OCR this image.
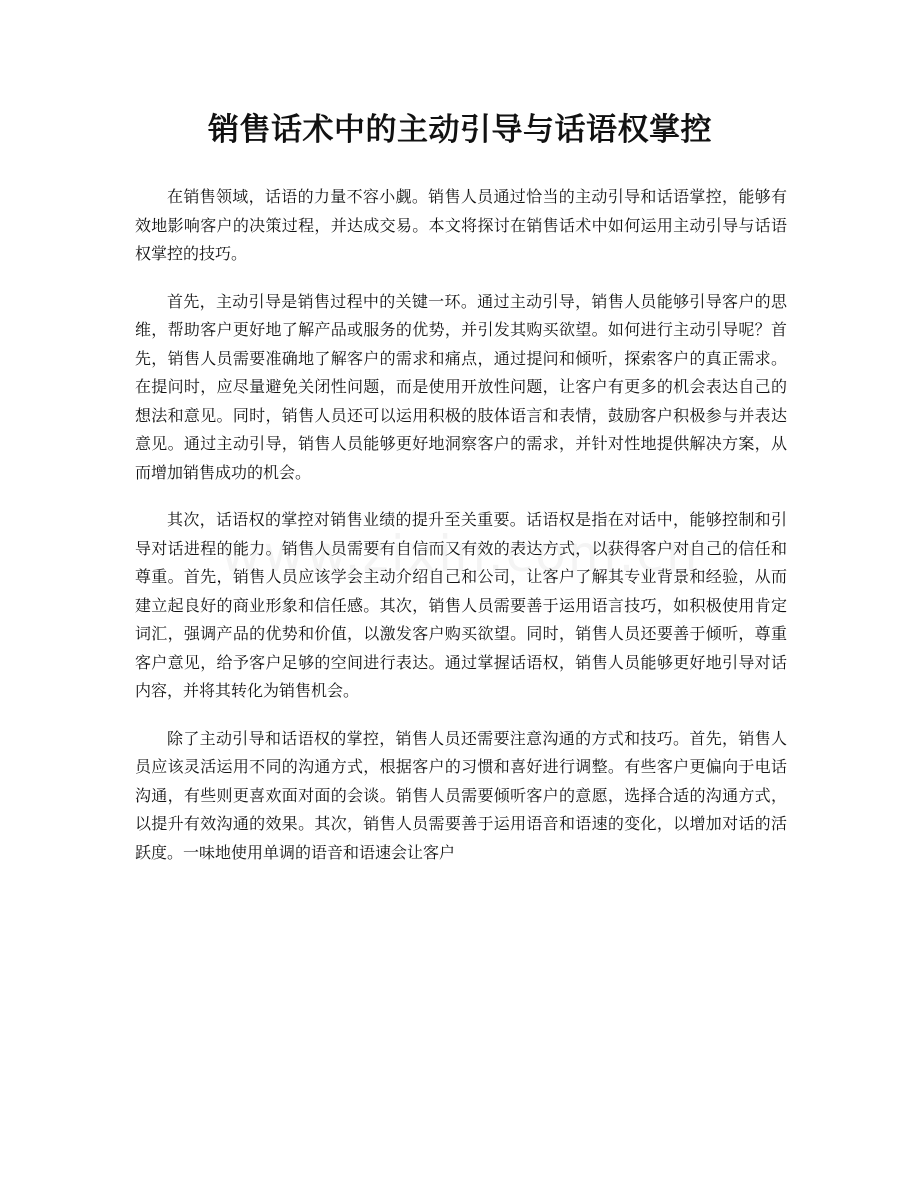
销售话术中的主动引导与话语权掌控

在销售领域，话语的力量不容小觑。销售人员通过恰当的主动引导和话语掌控，能够有效地影响客户的决策过程，并达成交易。本文将探讨在销售话术中如何运用主动引导与话语权掌控的技巧。

首先，主动引导是销售过程中的关键一环。通过主动引导，销售人员能够引导客户的思维，帮助客户更好地了解产品或服务的优势，并引发其购买欲望。如何进行主动引导呢？首先，销售人员需要准确地了解客户的需求和痛点，通过提问和倾听，探索客户的真正需求。在提问时，应尽量避免关闭性问题，而是使用开放性问题，让客户有更多的机会表达自己的想法和意见。同时，销售人员还可以运用积极的肢体语言和表情，鼓励客户积极参与并表达意见。通过主动引导，销售人员能够更好地洞察客户的需求，并针对性地提供解决方案，从而增加销售成功的机会。

其次，话语权的掌控对销售业绩的提升至关重要。话语权是指在对话中，能够控制和引导对话进程的能力。销售人员需要有自信而又有效的表达方式，以获得客户对自己的信任和尊重。首先，销售人员应该学会主动介绍自己和公司，让客户了解其专业背景和经验，从而建立起良好的商业形象和信任感。其次，销售人员需要善于运用语言技巧，如积极使用肯定词汇，强调产品的优势和价值，以激发客户购买欲望。同时，销售人员还要善于倾听，尊重客户意见，给予客户足够的空间进行表达。通过掌握话语权，销售人员能够更好地引导对话内容，并将其转化为销售机会。

除了主动引导和话语权的掌控，销售人员还需要注意沟通的方式和技巧。首先，销售人员应该灵活运用不同的沟通方式，根据客户的习惯和喜好进行调整。有些客户更偏向于电话沟通，有些则更喜欢面对面的会谈。销售人员需要倾听客户的意愿，选择合适的沟通方式，以提升有效沟通的效果。其次，销售人员需要善于运用语音和语速的变化，以增加对话的活跃度。一味地使用单调的语音和语速会让客户
